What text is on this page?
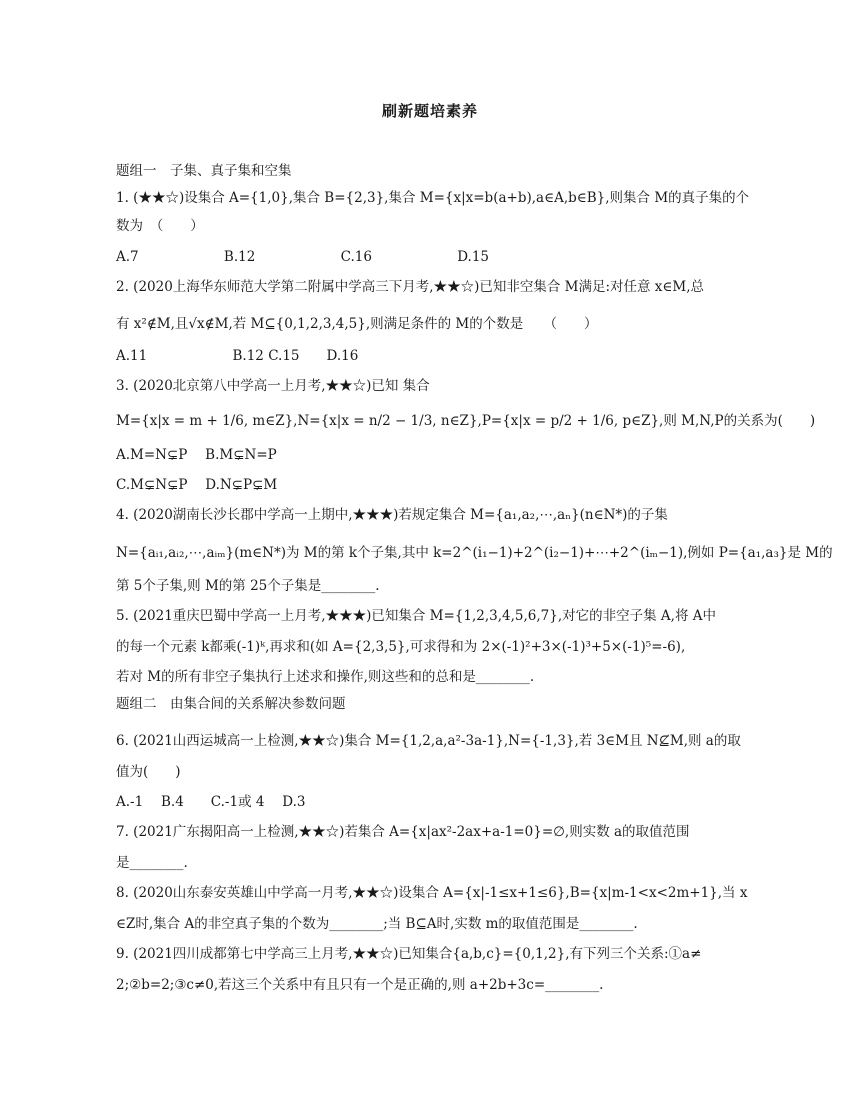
刷新题培素养
题组一　子集、真子集和空集
1. (★★☆)设集合 A={1,0},集合 B={2,3},集合 M={x|x=b(a+b),a∈A,b∈B},则集合 M的真子集的个
数为　（　　）
A.7　　　　　　 B.12　　　　　　 C.16　　　　　　 D.15
2. (2020上海华东师范大学第二附属中学高三下月考,★★☆)已知非空集合 M满足:对任意 x∈M,总
有 x²∉M,且√x∉M,若 M⊆{0,1,2,3,4,5},则满足条件的 M的个数是　　（　　）
A.11　　　　　　 B.12 C.15　　D.16
3. (2020北京第八中学高一上月考,★★☆)已知 集合
M={x|x = m + 1/6, m∈Z},N={x|x = n/2 − 1/3, n∈Z},P={x|x = p/2 + 1/6, p∈Z},则 M,N,P的关系为(　　)
A.M=N⊊P　 B.M⊊N=P
C.M⊊N⊊P　 D.N⊊P⊊M
4. (2020湖南长沙长郡中学高一上期中,★★★)若规定集合 M={a₁,a₂,⋯,aₙ}(n∈N*)的子集
N={aᵢ₁,aᵢ₂,⋯,aᵢₘ}(m∈N*)为 M的第 k个子集,其中 k=2^(i₁−1)+2^(i₂−1)+⋯+2^(iₘ−1),例如 P={a₁,a₃}是 M的
第 5个子集,则 M的第 25个子集是________.
5. (2021重庆巴蜀中学高一上月考,★★★)已知集合 M={1,2,3,4,5,6,7},对它的非空子集 A,将 A中
的每一个元素 k都乘(-1)ᵏ,再求和(如 A={2,3,5},可求得和为 2×(-1)²+3×(-1)³+5×(-1)⁵=-6),
若对 M的所有非空子集执行上述求和操作,则这些和的总和是________.
题组二　由集合间的关系解决参数问题
6. (2021山西运城高一上检测,★★☆)集合 M={1,2,a,a²-3a-1},N={-1,3},若 3∈M且 N⊈M,则 a的取
值为(　　)
A.-1　 B.4　　C.-1或 4　 D.3
7. (2021广东揭阳高一上检测,★★☆)若集合 A={x|ax²-2ax+a-1=0}=∅,则实数 a的取值范围
是________.
8. (2020山东泰安英雄山中学高一月考,★★☆)设集合 A={x|-1≤x+1≤6},B={x|m-1<x<2m+1},当 x
∈Z时,集合 A的非空真子集的个数为________;当 B⊆A时,实数 m的取值范围是________.
9. (2021四川成都第七中学高三上月考,★★☆)已知集合{a,b,c}={0,1,2},有下列三个关系:①a≠
2;②b=2;③c≠0,若这三个关系中有且只有一个是正确的,则 a+2b+3c=________.
